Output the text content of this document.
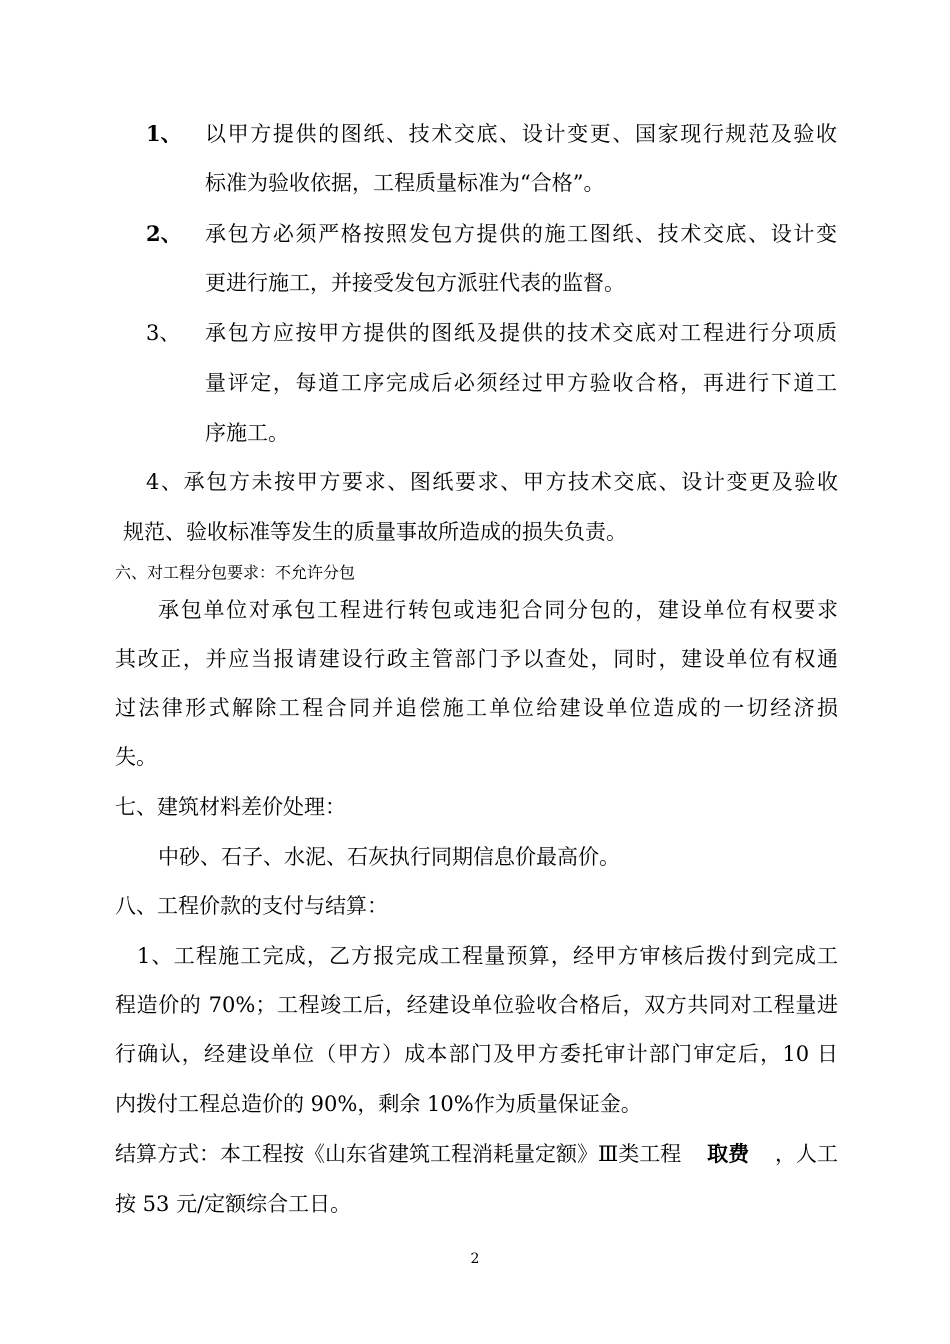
1、 以甲方提供的图纸、技术交底、设计变更、国家现行规范及验收
标准为验收依据，工程质量标准为“合格”。
2、 承包方必须严格按照发包方提供的施工图纸、技术交底、设计变
更进行施工，并接受发包方派驻代表的监督。
3、 承包方应按甲方提供的图纸及提供的技术交底对工程进行分项质
量评定，每道工序完成后必须经过甲方验收合格，再进行下道工
序施工。
4、承包方未按甲方要求、图纸要求、甲方技术交底、设计变更及验收
规范、验收标准等发生的质量事故所造成的损失负责。
六、对工程分包要求：不允许分包
承包单位对承包工程进行转包或违犯合同分包的，建设单位有权要求
其改正，并应当报请建设行政主管部门予以查处，同时，建设单位有权通
过法律形式解除工程合同并追偿施工单位给建设单位造成的一切经济损
失。
七、建筑材料差价处理：
中砂、石子、水泥、石灰执行同期信息价最高价。
八、工程价款的支付与结算：
1、工程施工完成，乙方报完成工程量预算，经甲方审核后拨付到完成工
程造价的 70%；工程竣工后，经建设单位验收合格后，双方共同对工程量进
行确认，经建设单位（甲方）成本部门及甲方委托审计部门审定后，10 日
内拨付工程总造价的 90%，剩余 10%作为质量保证金。
结算方式：本工程按《山东省建筑工程消耗量定额》Ⅲ类工程 取费 ，人工
按 53 元/定额综合工日。
2
